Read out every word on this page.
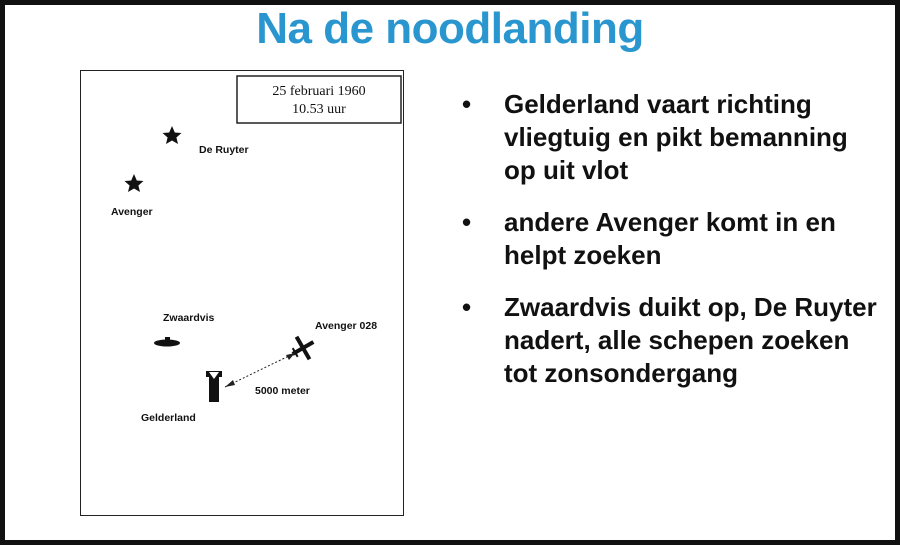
Na de noodlanding
25 februari 1960
10.53 uur
De Ruyter
Avenger
Zwaardvis
Avenger 028
5000 meter
Gelderland
• Gelderland vaart richting vliegtuig en pikt bemanning op uit vlot
• andere Avenger komt in en helpt zoeken
• Zwaardvis duikt op, De Ruyter nadert, alle schepen zoeken tot zonsondergang
